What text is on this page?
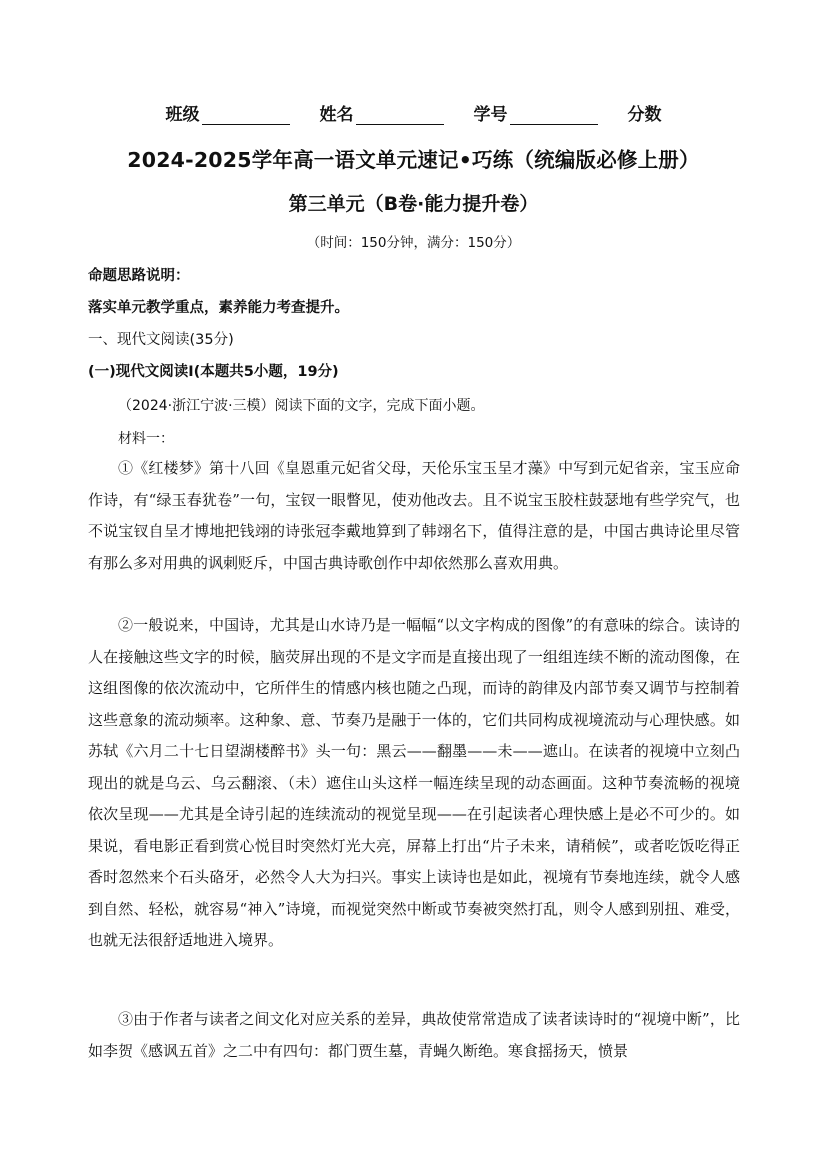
班级	姓名	学号	分数
2024-2025学年高一语文单元速记•巧练（统编版必修上册）
第三单元（B卷·能力提升卷）
（时间：150分钟，满分：150分）
命题思路说明：
落实单元教学重点，素养能力考查提升。
一、现代文阅读(35分)
(一)现代文阅读Ⅰ(本题共5小题，19分)
（2024·浙江宁波·三模）阅读下面的文字，完成下面小题。
材料一：

①《红楼梦》第十八回《皇恩重元妃省父母，天伦乐宝玉呈才藻》中写到元妃省亲，宝玉应命作诗，有“绿玉春犹卷”一句，宝钗一眼瞥见，使劝他改去。且不说宝玉胶柱鼓瑟地有些学究气，也不说宝钗自呈才博地把钱翊的诗张冠李戴地算到了韩翊名下，值得注意的是，中国古典诗论里尽管有那么多对用典的讽刺贬斥，中国古典诗歌创作中却依然那么喜欢用典。

②一般说来，中国诗，尤其是山水诗乃是一幅幅“以文字构成的图像”的有意味的综合。读诗的人在接触这些文字的时候，脑荧屏出现的不是文字而是直接出现了一组组连续不断的流动图像，在这组图像的依次流动中，它所伴生的情感内核也随之凸现，而诗的韵律及内部节奏又调节与控制着这些意象的流动频率。这种象、意、节奏乃是融于一体的，它们共同构成视境流动与心理快感。如苏轼《六月二十七日望湖楼醉书》头一句：黑云——翻墨——未——遮山。在读者的视境中立刻凸现出的就是乌云、乌云翻滚、（未）遮住山头这样一幅连续呈现的动态画面。这种节奏流畅的视境依次呈现——尤其是全诗引起的连续流动的视觉呈现——在引起读者心理快感上是必不可少的。如果说，看电影正看到赏心悦目时突然灯光大亮，屏幕上打出“片子未来，请稍候”，或者吃饭吃得正香时忽然来个石头硌牙，必然令人大为扫兴。事实上读诗也是如此，视境有节奏地连续，就令人感到自然、轻松，就容易“神入”诗境，而视觉突然中断或节奏被突然打乱，则令人感到别扭、难受，也就无法很舒适地进入境界。

③由于作者与读者之间文化对应关系的差异，典故使常常造成了读者读诗时的“视境中断”，比如李贺《感讽五首》之二中有四句：都门贾生墓，青蝇久断绝。寒食摇扬天，愤景
